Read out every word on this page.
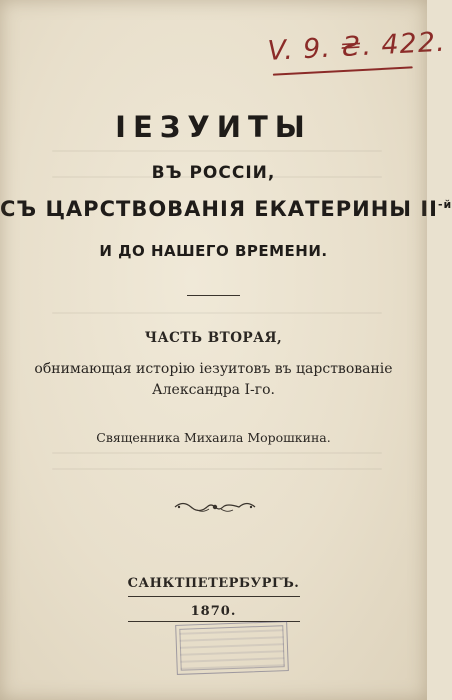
V. 9. ₴. 422.
ІЕЗУИТЫ
ВЪ РОССІИ,
СЪ ЦАРСТВОВАНІЯ ЕКАТЕРИНЫ $II^{-й}$
И ДО НАШЕГО ВРЕМЕНИ.
ЧАСТЬ ВТОРАЯ,
обнимающая исторію іезуитовъ въ царствованіе
Александра I-го.
Священника Михаила Морошкина.
САНКТПЕТЕРБУРГЪ.
1870.
